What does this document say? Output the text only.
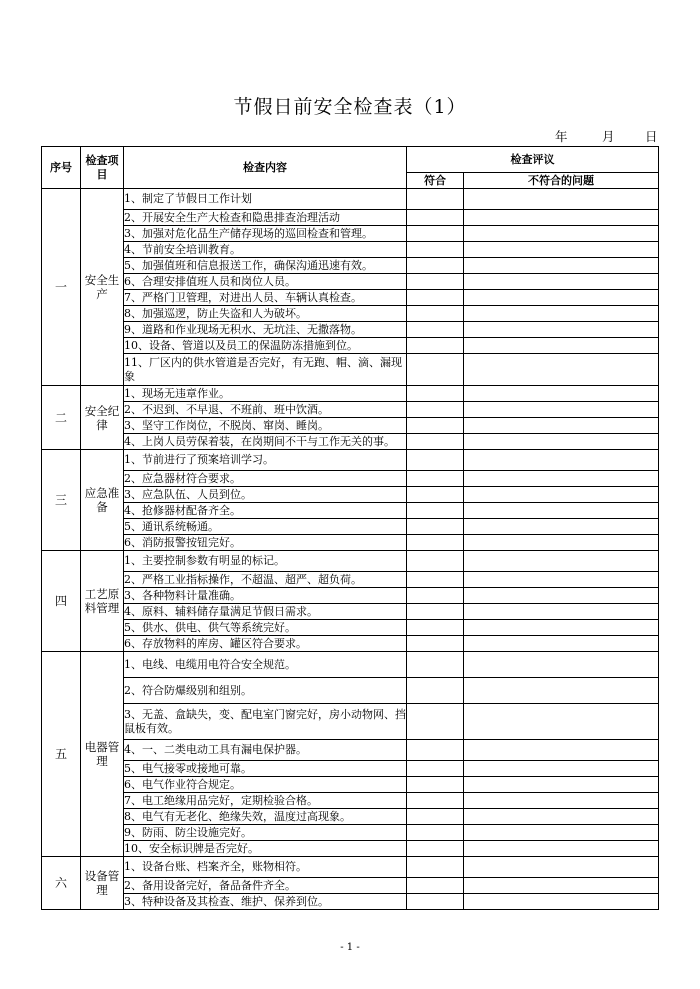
节假日前安全检查表（1）
年	月 日
序号	检查项目	检查内容	检查评议	
			符合	不符合的问题
一	安全生产	1、制定了节假日工作计划		
		2、开展安全生产大检查和隐患排查治理活动		
		3、加强对危化品生产储存现场的巡回检查和管理。		
		4、节前安全培训教育。		
		5、加强值班和信息报送工作，确保沟通迅速有效。		
		6、合理安排值班人员和岗位人员。		
		7、严格门卫管理，对进出人员、车辆认真检查。		
		8、加强巡逻，防止失盗和人为破坏。		
		9、道路和作业现场无积水、无坑洼、无撒落物。		
		10、设备、管道以及员工的保温防冻措施到位。		
		11、厂区内的供水管道是否完好，有无跑、帽、滴、漏现象		
二	安全纪律	1、现场无违章作业。		
		2、不迟到、不早退、不班前、班中饮酒。		
		3、坚守工作岗位，不脱岗、窜岗、睡岗。		
		4、上岗人员劳保着装，在岗期间不干与工作无关的事。		
三	应急准备	1、节前进行了预案培训学习。		
		2、应急器材符合要求。		
		3、应急队伍、人员到位。		
		4、抢修器材配备齐全。		
		5、通讯系统畅通。		
		6、消防报警按钮完好。		
四	工艺原料管理	1、主要控制参数有明显的标记。		
		2、严格工业指标操作，不超温、超严、超负荷。		
		3、各种物料计量准确。		
		4、原料、辅料储存量满足节假日需求。		
		5、供水、供电、供气等系统完好。		
		6、存放物料的库房、罐区符合要求。		
五	电器管理	1、电线、电缆用电符合安全规范。		
		2、符合防爆级别和组别。		
		3、无盖、盒缺失，变、配电室门窗完好，房小动物网、挡鼠板有效。		
		4、一、二类电动工具有漏电保护器。		
		5、电气接零或接地可靠。		
		6、电气作业符合规定。		
		7、电工绝缘用品完好，定期检验合格。		
		8、电气有无老化、绝缘失效，温度过高现象。		
		9、防雨、防尘设施完好。		
		10、安全标识牌是否完好。		
六	设备管理	1、设备台账、档案齐全，账物相符。		
		2、备用设备完好，备品备件齐全。		
		3、特种设备及其检查、维护、保养到位。		
- 1 -
